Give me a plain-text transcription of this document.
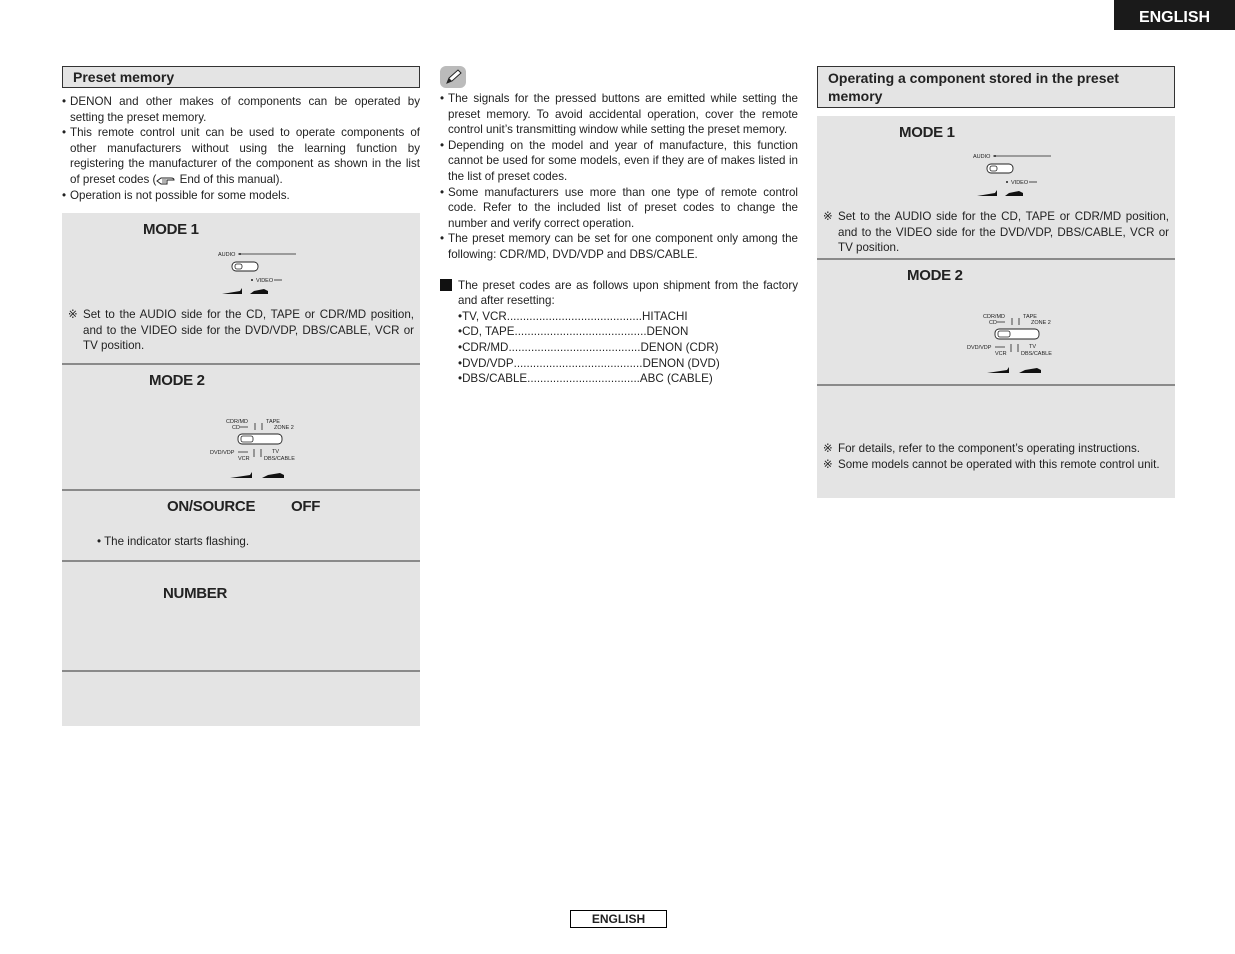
ENGLISH
Preset memory
• DENON and other makes of components can be operated by setting the preset memory.
• This remote control unit can be used to operate components of other manufacturers without using the learning function by registering the manufacturer of the component as shown in the list of preset codes ( End of this manual).
• Operation is not possible for some models.
MODE 1
AUDIO
VIDEO
※ Set to the AUDIO side for the CD, TAPE or CDR/MD position, and to the VIDEO side for the DVD/VDP, DBS/CABLE, VCR or TV position.
MODE 2
CDR/MD
CD
TAPE
ZONE 2
DVD/VDP
VCR
TV
DBS/CABLE
ON/SOURCE OFF
• The indicator starts flashing.
NUMBER
• The signals for the pressed buttons are emitted while setting the preset memory. To avoid accidental operation, cover the remote control unit’s transmitting window while setting the preset memory.
• Depending on the model and year of manufacture, this function cannot be used for some models, even if they are of makes listed in the list of preset codes.
• Some manufacturers use more than one type of remote control code. Refer to the included list of preset codes to change the number and verify correct operation.
• The preset memory can be set for one component only among the following: CDR/MD, DVD/VDP and DBS/CABLE.
The preset codes are as follows upon shipment from the factory and after resetting:
• TV, VCR .......................................... HITACHI
• CD, TAPE ......................................... DENON
• CDR/MD ......................................... DENON (CDR)
• DVD/VDP ........................................ DENON (DVD)
• DBS/CABLE ................................... ABC (CABLE)
Operating a component stored in the preset memory
MODE 1
AUDIO
VIDEO
※ Set to the AUDIO side for the CD, TAPE or CDR/MD position, and to the VIDEO side for the DVD/VDP, DBS/CABLE, VCR or TV position.
MODE 2
CDR/MD
CD
TAPE
ZONE 2
DVD/VDP
VCR
TV
DBS/CABLE
※ For details, refer to the component’s operating instructions.
※ Some models cannot be operated with this remote control unit.
ENGLISH
